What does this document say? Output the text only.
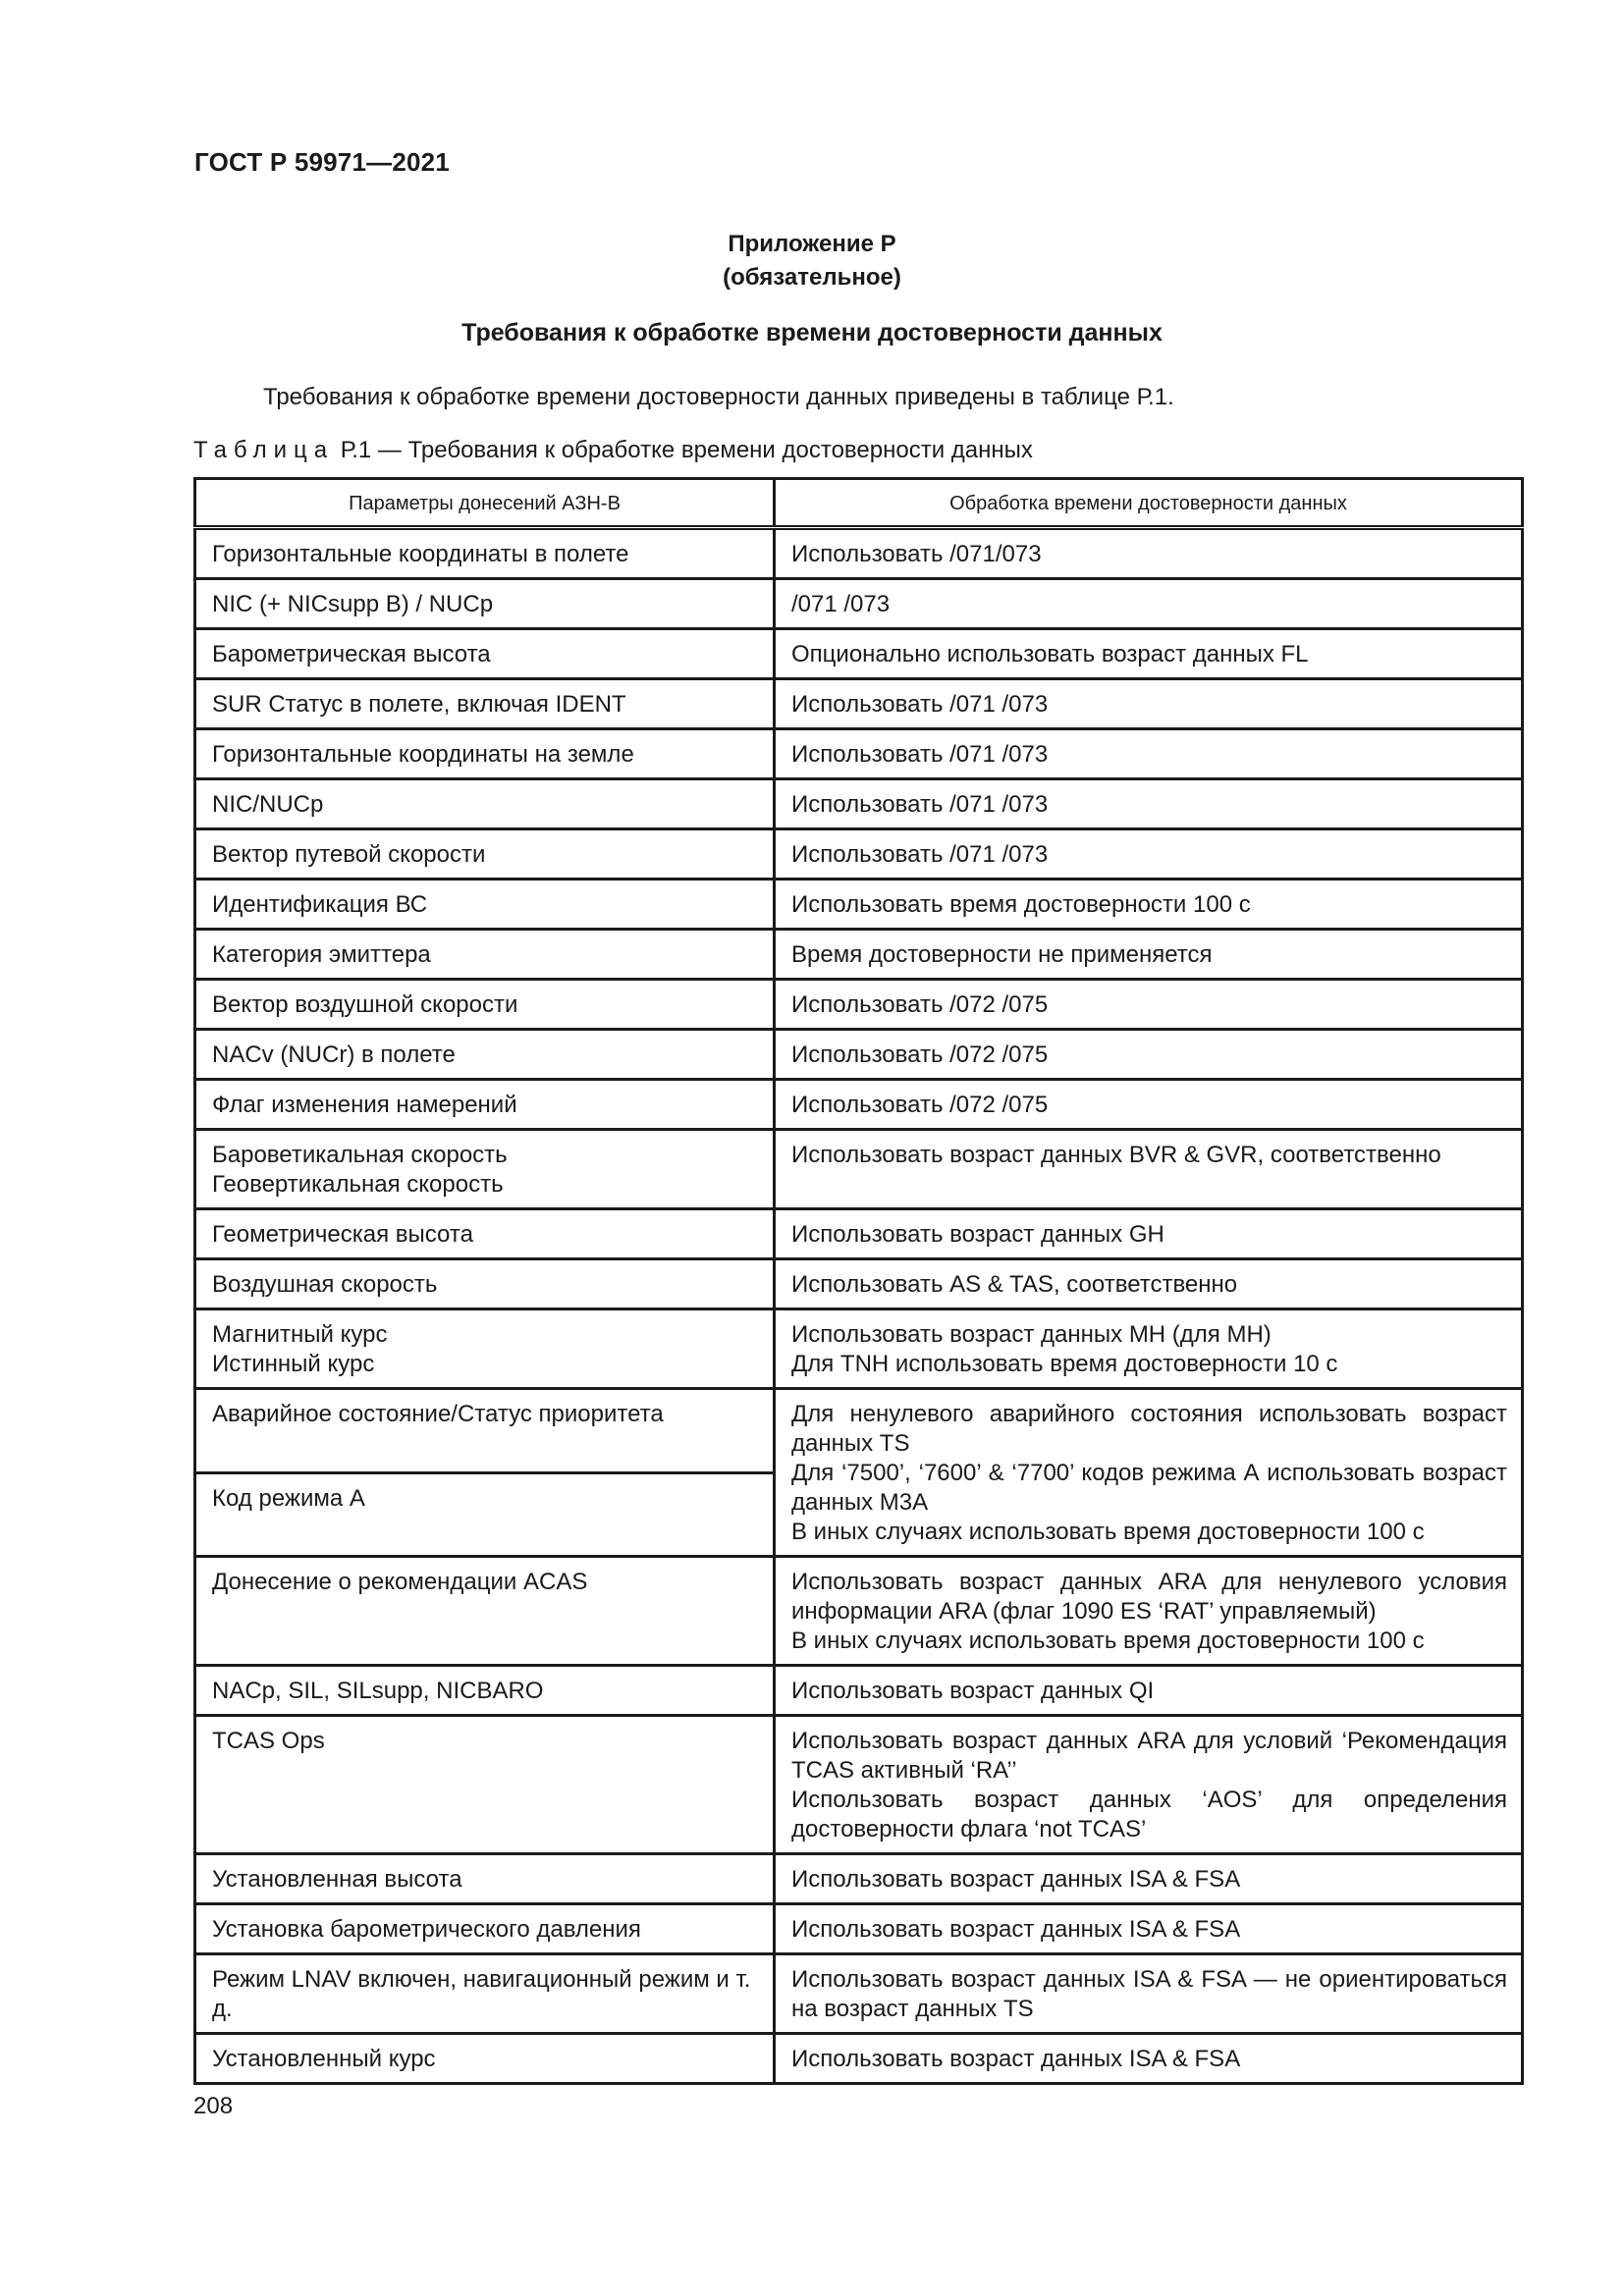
ГОСТ Р 59971—2021
Приложение Р
(обязательное)
Требования к обработке времени достоверности данных
Требования к обработке времени достоверности данных приведены в таблице Р.1.
Таблица Р.1 — Требования к обработке времени достоверности данных
Параметры донесений АЗН-В	Обработка времени достоверности данных

Горизонтальные координаты в полете	Использовать /071/073

NIC (+ NICsupp B) / NUCp	/071 /073

Барометрическая высота	Опционально использовать возраст данных FL

SUR Статус в полете, включая IDENT	Использовать /071 /073

Горизонтальные координаты на земле	Использовать /071 /073

NIC/NUCp	Использовать /071 /073

Вектор путевой скорости	Использовать /071 /073

Идентификация ВС	Использовать время достоверности 100 с

Категория эмиттера	Время достоверности не применяется

Вектор воздушной скорости	Использовать /072 /075

NACv (NUCr) в полете	Использовать /072 /075

Флаг изменения намерений	Использовать /072 /075

Бароветикальная скорость
Геовертикальная скорость	Использовать возраст данных BVR & GVR, соответственно

Геометрическая высота	Использовать возраст данных GH

Воздушная скорость	Использовать AS & TAS, соответственно

Магнитный курс
Истинный курс	Использовать возраст данных MH (для MH)
Для TNH использовать время достоверности 10 с

Аварийное состояние/Статус приоритета	Для ненулевого аварийного состояния использовать возраст данных TS
Для ‘7500’, ‘7600’ & ‘7700’ кодов режима А использовать возраст данных M3A
В иных случаях использовать время достоверности 100 с

Код режима А	

Донесение о рекомендации ACAS	Использовать возраст данных ARA для ненулевого условия информации ARA (флаг 1090 ES ‘RAT’ управляемый)
В иных случаях использовать время достоверности 100 с

NACp, SIL, SILsupp, NICBARO	Использовать возраст данных QI

TCAS Ops	Использовать возраст данных ARA для условий ‘Рекомендация TCAS активный ‘RA’’
Использовать возраст данных ‘AOS’ для определения достоверности флага ‘not TCAS’

Установленная высота	Использовать возраст данных ISA & FSA

Установка барометрического давления	Использовать возраст данных ISA & FSA

Режим LNAV включен, навигационный режим и т. д.	Использовать возраст данных ISA & FSA — не ориентироваться на возраст данных TS

Установленный курс	Использовать возраст данных ISA & FSA
208
